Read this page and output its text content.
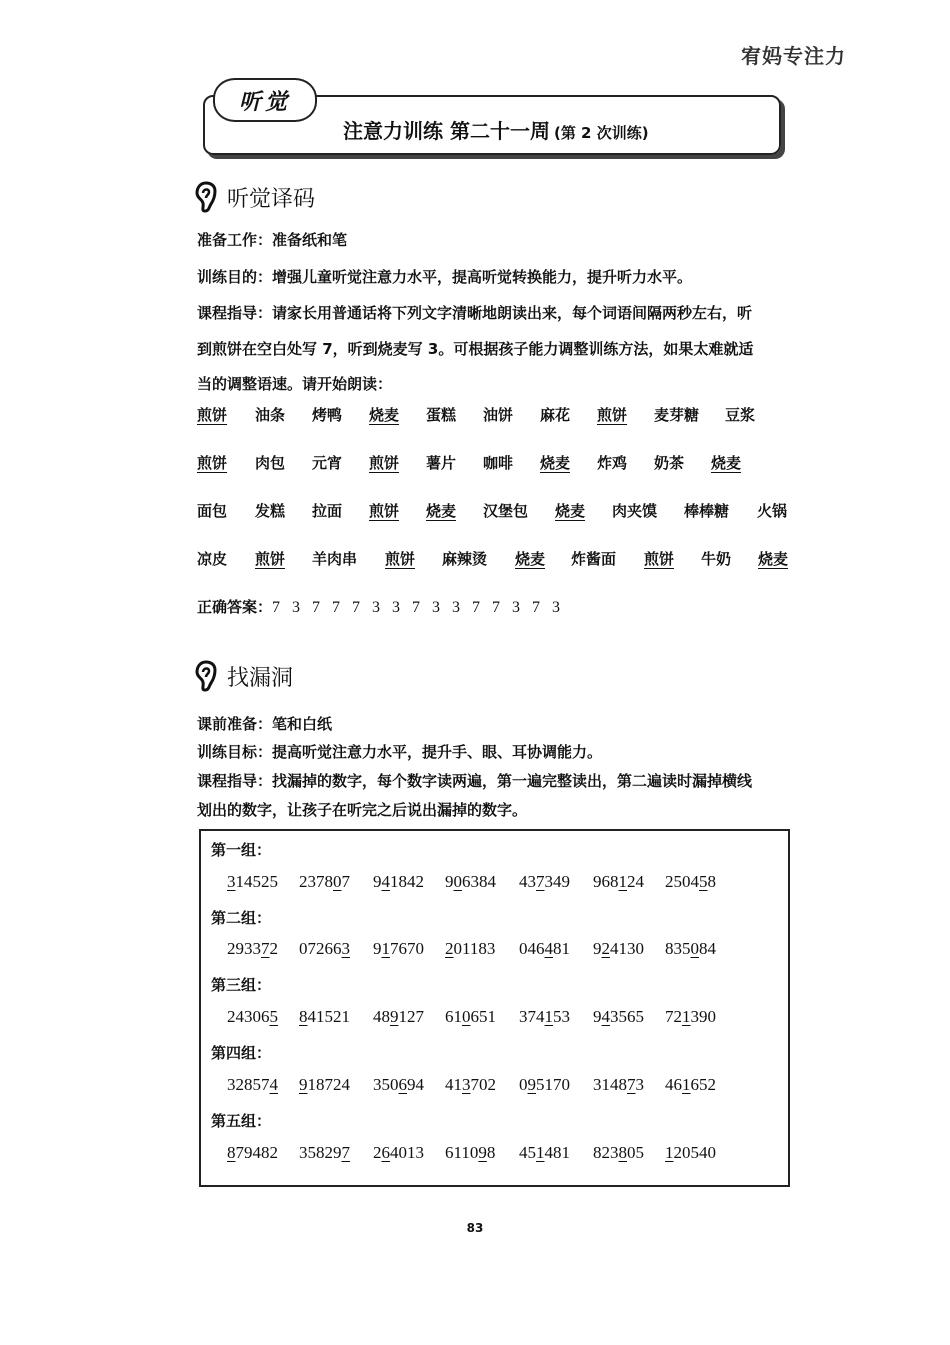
宥妈专注力
听觉
注意力训练 第二十一周 (第 2 次训练)
听觉译码
准备工作：准备纸和笔
训练目的：增强儿童听觉注意力水平，提高听觉转换能力，提升听力水平。
课程指导：请家长用普通话将下列文字清晰地朗读出来，每个词语间隔两秒左右，听
到煎饼在空白处写 7，听到烧麦写 3。可根据孩子能力调整训练方法，如果太难就适
当的调整语速。请开始朗读：
煎饼 油条 烤鸭 烧麦 蛋糕 油饼 麻花 煎饼 麦芽糖 豆浆
煎饼 肉包 元宵 煎饼 薯片 咖啡 烧麦 炸鸡 奶茶 烧麦
面包 发糕 拉面 煎饼 烧麦 汉堡包 烧麦 肉夹馍 棒棒糖 火锅
凉皮 煎饼 羊肉串 煎饼 麻辣烫 烧麦 炸酱面 煎饼 牛奶 烧麦
正确答案：7 3 7 7 7 3 3 7 3 3 7 7 3 7 3
找漏洞
课前准备：笔和白纸
训练目标：提高听觉注意力水平，提升手、眼、耳协调能力。
课程指导：找漏掉的数字，每个数字读两遍，第一遍完整读出，第二遍读时漏掉横线
划出的数字，让孩子在听完之后说出漏掉的数字。
第一组：
314525 237807 941842 906384 437349 968124 250458
第二组：
293372 072663 917670 201183 046481 924130 835084
第三组：
243065 841521 489127 610651 374153 943565 721390
第四组：
328574 918724 350694 413702 095170 314873 461652
第五组：
879482 358297 264013 611098 451481 823805 120540
83
